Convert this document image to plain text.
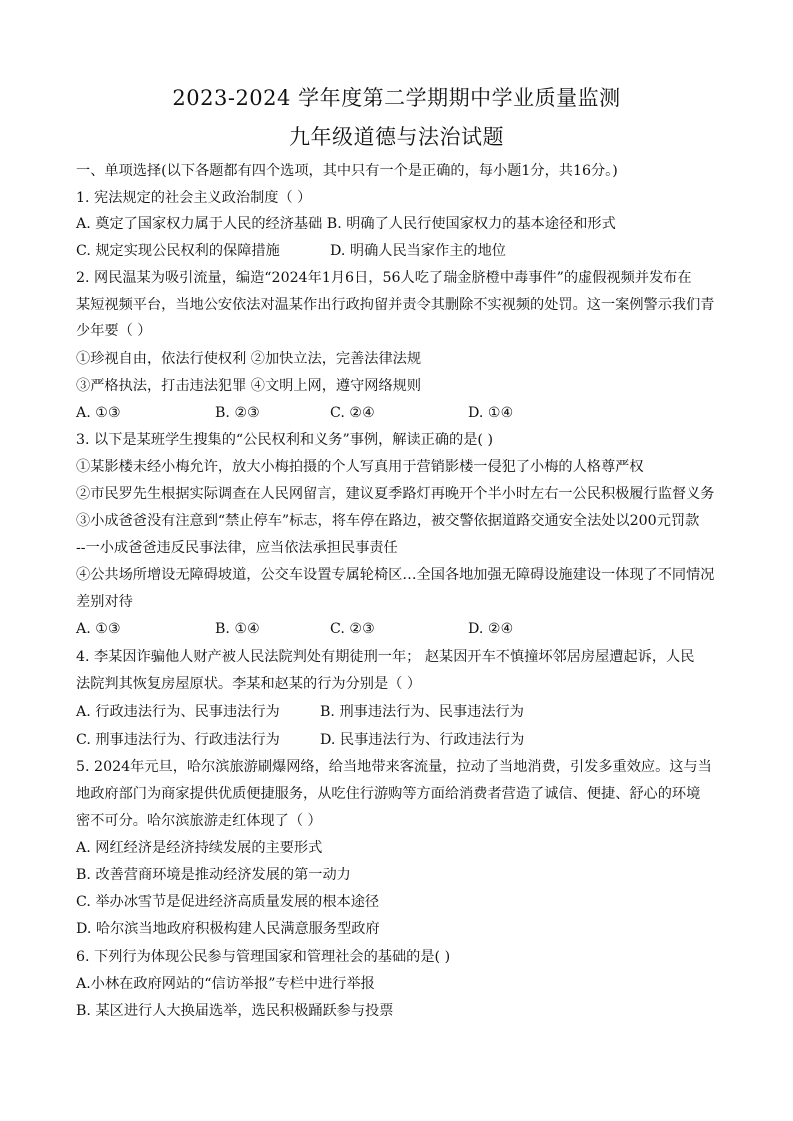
2023-2024 学年度第二学期期中学业质量监测
九年级道德与法治试题
一、单项选择(以下各题都有四个选项，其中只有一个是正确的，每小题1分，共16分。)
1. 宪法规定的社会主义政治制度（ ）
A. 奠定了国家权力属于人民的经济基础 B. 明确了人民行使国家权力的基本途径和形式
C. 规定实现公民权利的保障措施	D. 明确人民当家作主的地位
2. 网民温某为吸引流量，编造“2024年1月6日，56人吃了瑞金脐橙中毒事件”的虚假视频并发布在
某短视频平台，当地公安依法对温某作出行政拘留并责令其删除不实视频的处罚。这一案例警示我们青
少年要（ ）
①珍视自由，依法行使权利 ②加快立法，完善法律法规
③严格执法，打击违法犯罪 ④文明上网，遵守网络规则
A. ①③	B. ②③	C. ②④	D. ①④
3. 以下是某班学生搜集的“公民权利和义务”事例，解读正确的是( )
①某影楼未经小梅允许，放大小梅拍摄的个人写真用于营销影楼一侵犯了小梅的人格尊严权
②市民罗先生根据实际调查在人民网留言，建议夏季路灯再晚开个半小时左右一公民积极履行监督义务
③小成爸爸没有注意到“禁止停车”标志，将车停在路边，被交警依据道路交通安全法处以200元罚款
--一小成爸爸违反民事法律，应当依法承担民事责任
④公共场所增设无障碍坡道，公交车设置专属轮椅区…全国各地加强无障碍设施建设一体现了不同情况
差别对待
A. ①③	B. ①④	C. ②③	D. ②④
4. 李某因诈骗他人财产被人民法院判处有期徒刑一年； 赵某因开车不慎撞坏邻居房屋遭起诉，人民
法院判其恢复房屋原状。李某和赵某的行为分别是（ ）
A. 行政违法行为、民事违法行为	B. 刑事违法行为、民事违法行为
C. 刑事违法行为、行政违法行为	D. 民事违法行为、行政违法行为
5. 2024年元旦，哈尔滨旅游刷爆网络，给当地带来客流量，拉动了当地消费，引发多重效应。这与当
地政府部门为商家提供优质便捷服务，从吃住行游购等方面给消费者营造了诚信、便捷、舒心的环境
密不可分。哈尔滨旅游走红体现了（ ）
A. 网红经济是经济持续发展的主要形式
B. 改善营商环境是推动经济发展的第一动力
C. 举办冰雪节是促进经济高质量发展的根本途径
D. 哈尔滨当地政府积极构建人民满意服务型政府
6. 下列行为体现公民参与管理国家和管理社会的基础的是( )
A.小林在政府网站的“信访举报”专栏中进行举报
B. 某区进行人大换届选举，选民积极踊跃参与投票
